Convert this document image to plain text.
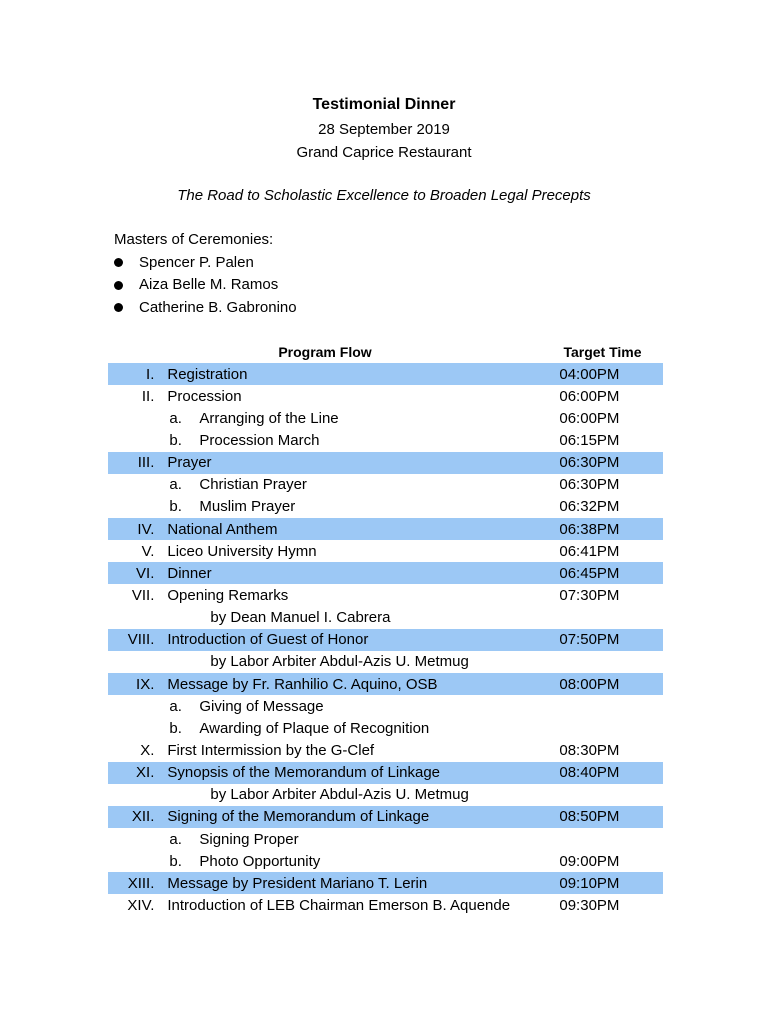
Testimonial Dinner
28 September 2019
Grand Caprice Restaurant
The Road to Scholastic Excellence to Broaden Legal Precepts
Masters of Ceremonies:
Spencer P. Palen
Aiza Belle M. Ramos
Catherine B. Gabronino
Program Flow	Target Time
I. Registration	04:00PM
II. Procession	06:00PM
a. Arranging of the Line	06:00PM
b. Procession March	06:15PM
III. Prayer	06:30PM
a. Christian Prayer	06:30PM
b. Muslim Prayer	06:32PM
IV. National Anthem	06:38PM
V. Liceo University Hymn	06:41PM
VI. Dinner	06:45PM
VII. Opening Remarks	07:30PM
by Dean Manuel I. Cabrera
VIII. Introduction of Guest of Honor	07:50PM
by Labor Arbiter Abdul-Azis U. Metmug
IX. Message by Fr. Ranhilio C. Aquino, OSB	08:00PM
a. Giving of Message
b. Awarding of Plaque of Recognition
X. First Intermission by the G-Clef	08:30PM
XI. Synopsis of the Memorandum of Linkage	08:40PM
by Labor Arbiter Abdul-Azis U. Metmug
XII. Signing of the Memorandum of Linkage	08:50PM
a. Signing Proper
b. Photo Opportunity	09:00PM
XIII. Message by President Mariano T. Lerin	09:10PM
XIV. Introduction of LEB Chairman Emerson B. Aquende	09:30PM
